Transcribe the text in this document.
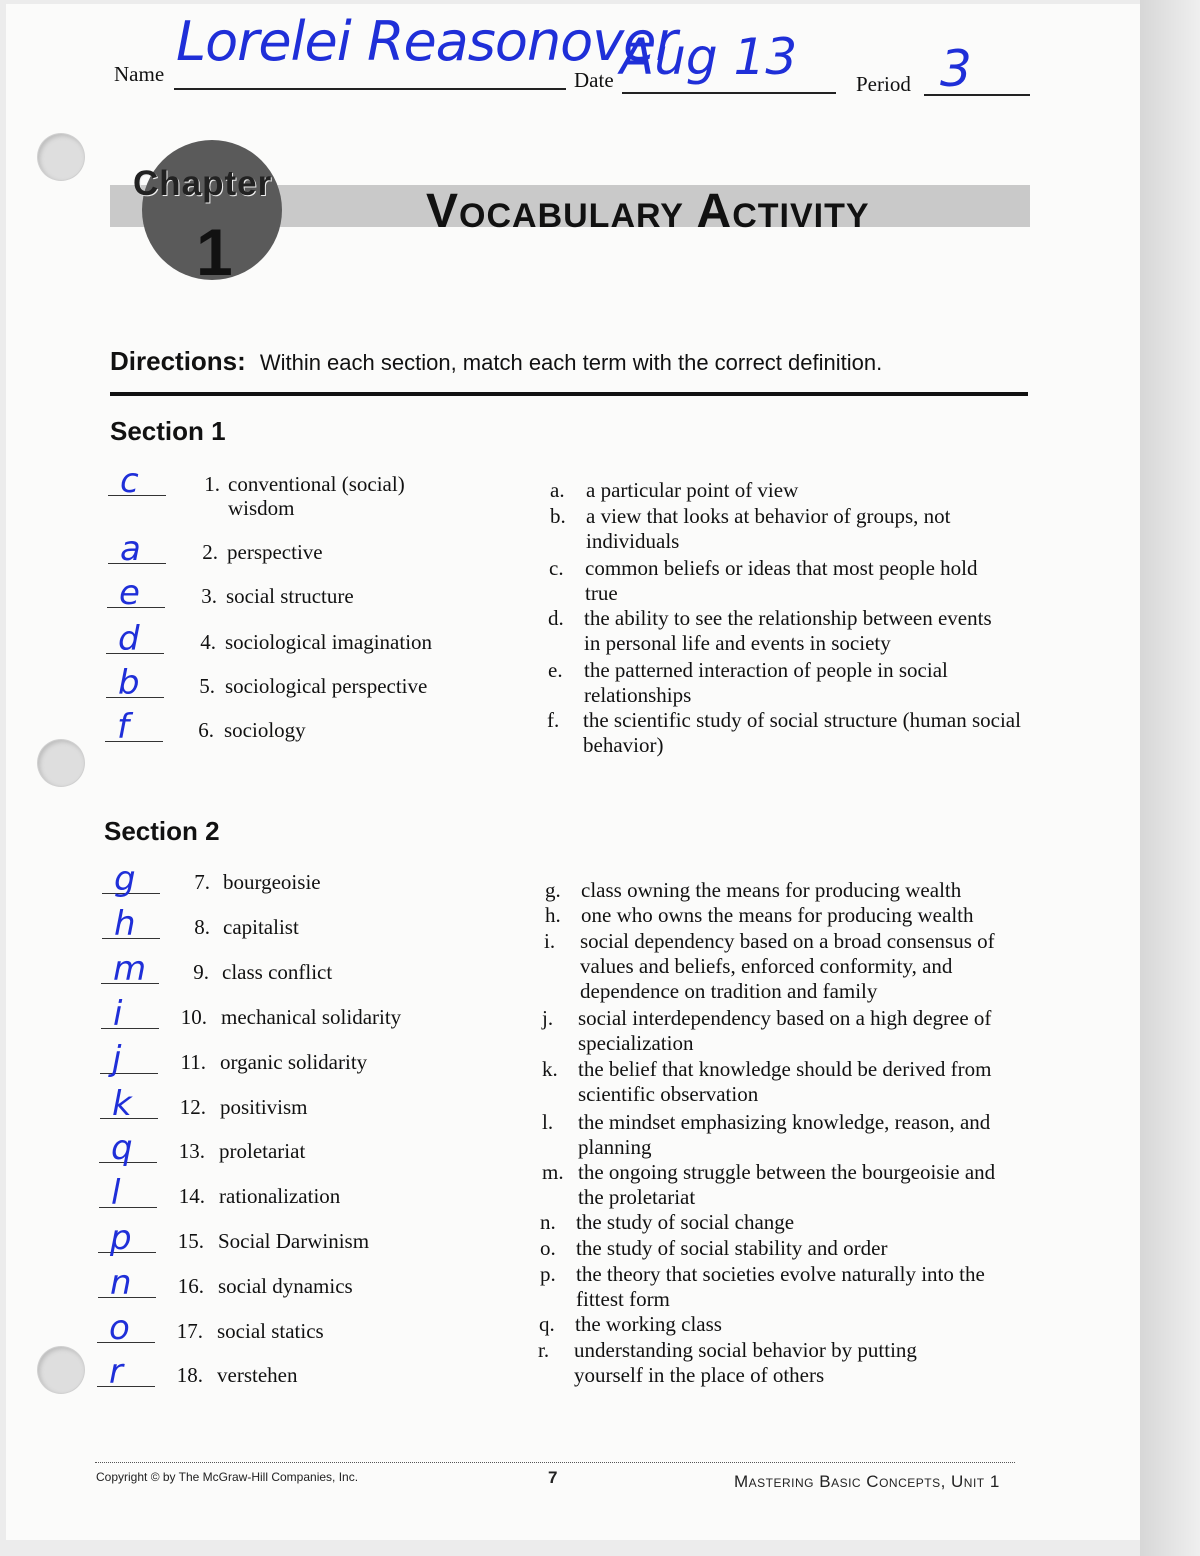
Name
Lorelei Reasonover
Date Aug 13	Period 3
Chapter
1
Vocabulary Activity
Directions: Within each section, match each term with the correct definition.
Section 1
c	1. conventional (social)
wisdom
a	2. perspective
e	3. social structure
d	4. sociological imagination
b	5. sociological perspective
f	6. sociology
a.	a particular point of view
b. a view that looks at behavior of groups, not individuals
c.	common beliefs or ideas that most people hold true
d. the ability to see the relationship between events in personal life and events in society
e.	the patterned interaction of people in social relationships
f.	the scientific study of social structure (human social behavior)
Section 2
g	7. bourgeoisie
h	8. capitalist
m	9. class conflict
i	10. mechanical solidarity
j	11. organic solidarity
k	12. positivism
q	13. proletariat
l	14. rationalization
p	15. Social Darwinism
n	16. social dynamics
o	17. social statics
r	18. verstehen
g. class owning the means for producing wealth
h. one who owns the means for producing wealth
i.	social dependency based on a broad consensus of values and beliefs, enforced conformity, and dependence on tradition and family
j.	social interdependency based on a high degree of specialization
k. the belief that knowledge should be derived from scientific observation
l.	the mindset emphasizing knowledge, reason, and planning
m. the ongoing struggle between the bourgeoisie and the proletariat
n. the study of social change
o. the study of social stability and order
p. the theory that societies evolve naturally into the fittest form
q. the working class
r.	understanding social behavior by putting yourself in the place of others
Copyright © by The McGraw-Hill Companies, Inc.	7	Mastering Basic Concepts, Unit 1
